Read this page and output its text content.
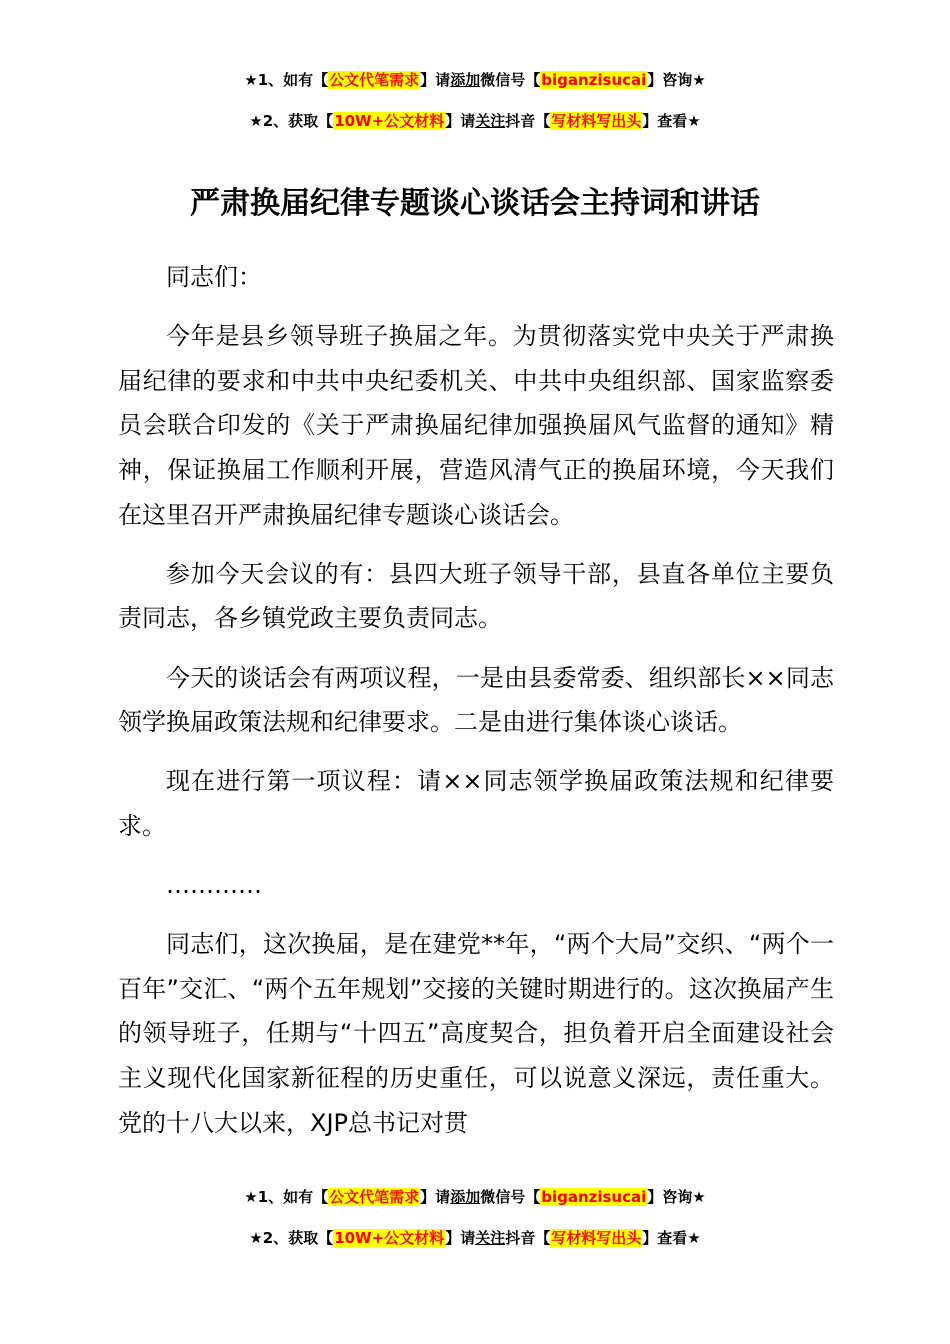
★1、如有【公文代笔需求】请添加微信号【biganzisucai】咨询★
★2、获取【10W+公文材料】请关注抖音【写材料写出头】查看★
严肃换届纪律专题谈心谈话会主持词和讲话

同志们：

今年是县乡领导班子换届之年。为贯彻落实党中央关于严肃换届纪律的要求和中共中央纪委机关、中共中央组织部、国家监察委员会联合印发的《关于严肃换届纪律加强换届风气监督的通知》精神，保证换届工作顺利开展，营造风清气正的换届环境，今天我们在这里召开严肃换届纪律专题谈心谈话会。

参加今天会议的有：县四大班子领导干部，县直各单位主要负责同志，各乡镇党政主要负责同志。

今天的谈话会有两项议程，一是由县委常委、组织部长××同志领学换届政策法规和纪律要求。二是由进行集体谈心谈话。

现在进行第一项议程：请××同志领学换届政策法规和纪律要求。

…………

同志们，这次换届，是在建党**年，“两个大局”交织、“两个一百年”交汇、“两个五年规划”交接的关键时期进行的。这次换届产生的领导班子，任期与“十四五”高度契合，担负着开启全面建设社会主义现代化国家新征程的历史重任，可以说意义深远，责任重大。党的十八大以来，XJP总书记对贯

★1、如有【公文代笔需求】请添加微信号【biganzisucai】咨询★
★2、获取【10W+公文材料】请关注抖音【写材料写出头】查看★
